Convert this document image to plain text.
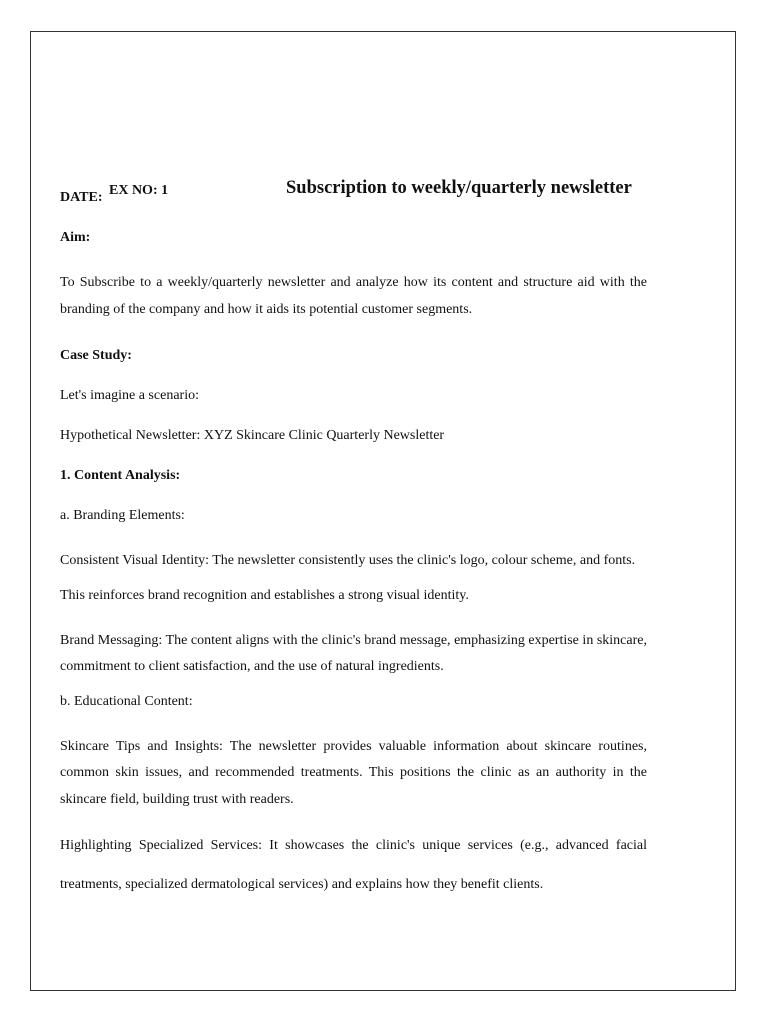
EX NO: 1	Subscription to weekly/quarterly newsletter

DATE:

Aim:

To Subscribe to a weekly/quarterly newsletter and analyze how its content and structure aid with the branding of the company and how it aids its potential customer segments.

Case Study:

Let's imagine a scenario:

Hypothetical Newsletter: XYZ Skincare Clinic Quarterly Newsletter

1. Content Analysis:

a. Branding Elements:

Consistent Visual Identity: The newsletter consistently uses the clinic's logo, colour scheme, and fonts.

This reinforces brand recognition and establishes a strong visual identity.

Brand Messaging: The content aligns with the clinic's brand message, emphasizing expertise in skincare, commitment to client satisfaction, and the use of natural ingredients.

b. Educational Content:

Skincare Tips and Insights: The newsletter provides valuable information about skincare routines, common skin issues, and recommended treatments. This positions the clinic as an authority in the skincare field, building trust with readers.

Highlighting Specialized Services: It showcases the clinic's unique services (e.g., advanced facial treatments, specialized dermatological services) and explains how they benefit clients.
